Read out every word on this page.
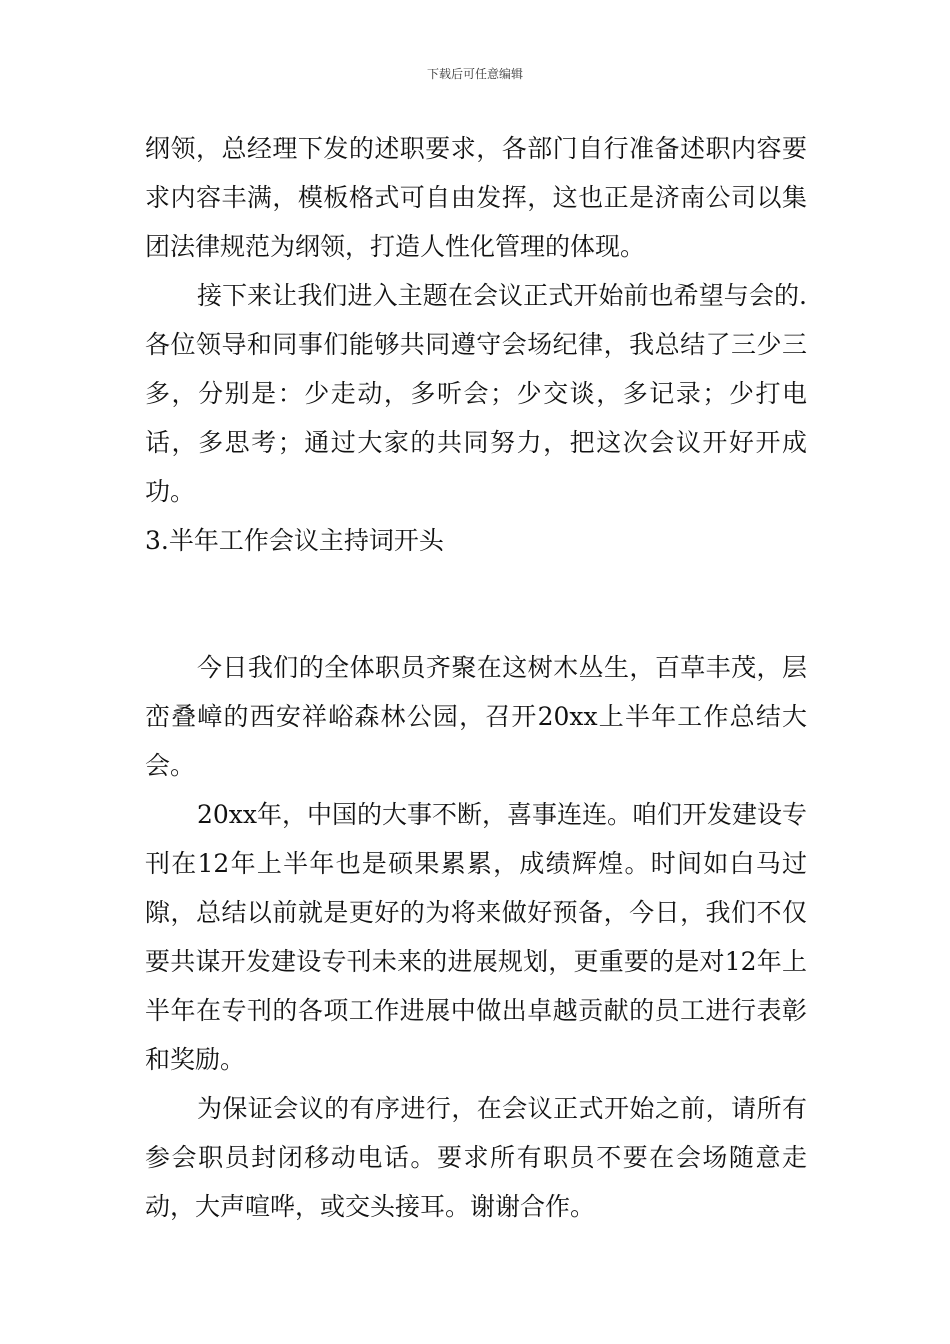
下载后可任意编辑

纲领，总经理下发的述职要求，各部门自行准备述职内容要求内容丰满，模板格式可自由发挥，这也正是济南公司以集团法律规范为纲领，打造人性化管理的体现。

接下来让我们进入主题在会议正式开始前也希望与会的.各位领导和同事们能够共同遵守会场纪律，我总结了三少三多，分别是：少走动，多听会；少交谈，多记录；少打电话，多思考；通过大家的共同努力，把这次会议开好开成功。

3.半年工作会议主持词开头

今日我们的全体职员齐聚在这树木丛生，百草丰茂，层峦叠嶂的西安祥峪森林公园，召开20xx上半年工作总结大会。

20xx年，中国的大事不断，喜事连连。咱们开发建设专刊在12年上半年也是硕果累累，成绩辉煌。时间如白马过隙，总结以前就是更好的为将来做好预备，今日，我们不仅要共谋开发建设专刊未来的进展规划，更重要的是对12年上半年在专刊的各项工作进展中做出卓越贡献的员工进行表彰和奖励。

为保证会议的有序进行，在会议正式开始之前，请所有参会职员封闭移动电话。要求所有职员不要在会场随意走动，大声喧哗，或交头接耳。谢谢合作。
